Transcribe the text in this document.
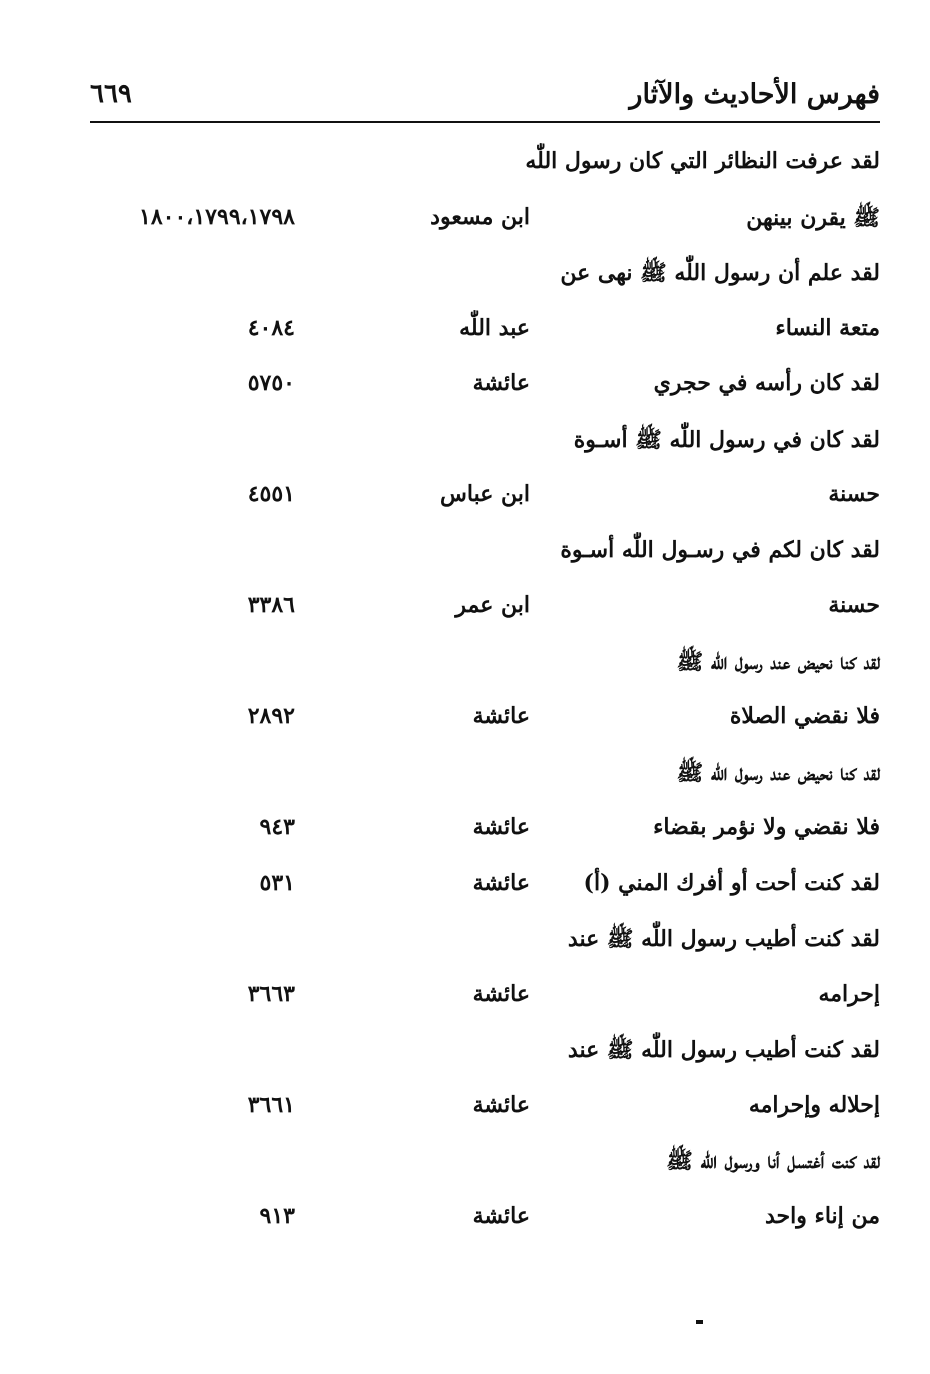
٦٦٩	فهرس الأحاديث والآثار
لقد عرفت النظائر التي كان رسول اللّٰه
ﷺ يقرن بينهن
ابن مسعود
١٨٠٠،١٧٩٩،١٧٩٨
لقد علم أن رسول اللّٰه ﷺ نهى عن
متعة النساء
عبد اللّٰه
٤٠٨٤
لقد كان رأسه في حجري
عائشة
٥٧٥٠
لقد كان في رسول اللّٰه ﷺ أسـوة
حسنة
ابن عباس
٤٥٥١
لقد كان لكم في رسـول اللّٰه أسـوة
حسنة
ابن عمر
٣٣٨٦
لقد كنا نحيض عند رسول اللّٰه ﷺ
فلا نقضي الصلاة
عائشة
٢٨٩٢
لقد كنا نحيض عند رسول اللّٰه ﷺ
فلا نقضي ولا نؤمر بقضاء
عائشة
٩٤٣
لقد كنت أحت أو أفرك المني (أ)
عائشة
٥٣١
لقد كنت أطيب رسول اللّٰه ﷺ عند
إحرامه
عائشة
٣٦٦٣
لقد كنت أطيب رسول اللّٰه ﷺ عند
إحلاله وإحرامه
عائشة
٣٦٦١
لقد كنت أغتسل أنا ورسول اللّٰه ﷺ
من إناء واحد
عائشة
٩١٣
